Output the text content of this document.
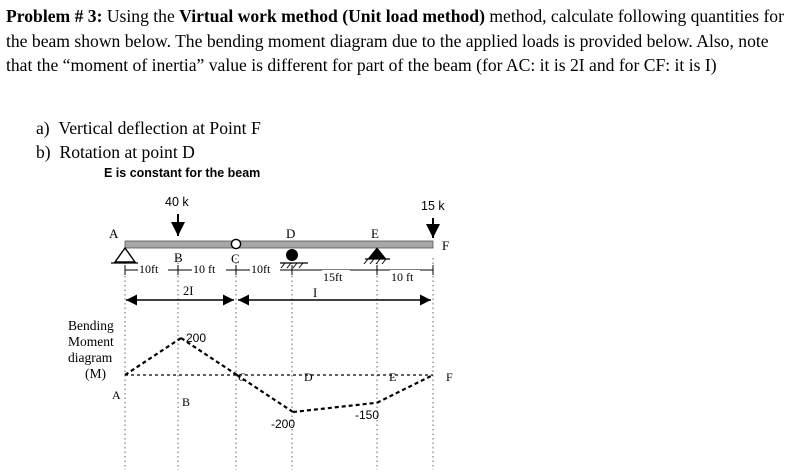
Problem # 3: Using the Virtual work method (Unit load method) method, calculate following quantities for the beam shown below. The bending moment diagram due to the applied loads is provided below. Also, note that the “moment of inertia” value is different for part of the beam (for AC: it is 2I and for CF: it is I)
a) Vertical deflection at Point F
b) Rotation at point D
E is constant for the beam
A
B	C
D	E
F
40 k	15 k
10ft	10 ft	10ft
15ft	10 ft
2I	I
Bending
Moment
diagram
(M)
200
-200
-150
A	B
C	D	E	F
